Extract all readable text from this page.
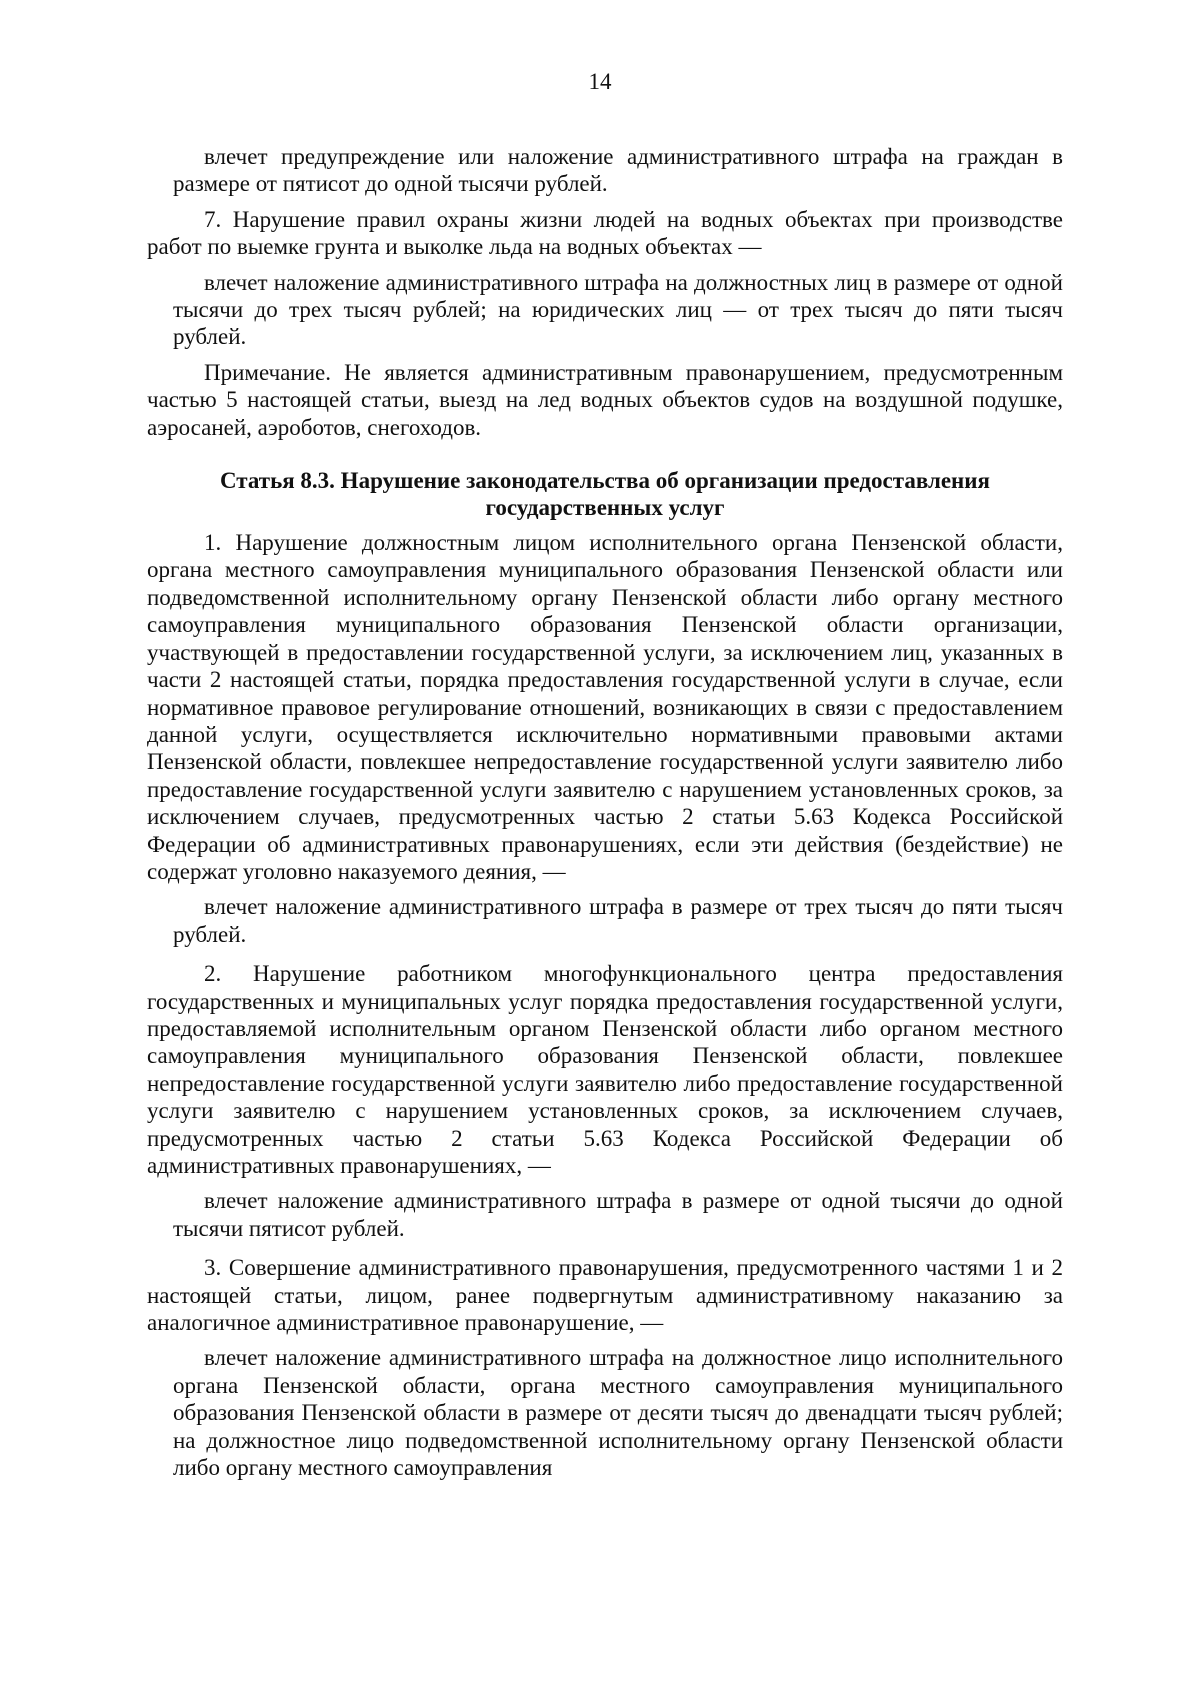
14

влечет предупреждение или наложение административного штрафа на граждан в размере от пятисот до одной тысячи рублей.

7. Нарушение правил охраны жизни людей на водных объектах при производстве работ по выемке грунта и выколке льда на водных объектах —

влечет наложение административного штрафа на должностных лиц в размере от одной тысячи до трех тысяч рублей; на юридических лиц — от трех тысяч до пяти тысяч рублей.

Примечание. Не является административным правонарушением, предусмотренным частью 5 настоящей статьи, выезд на лед водных объектов судов на воздушной подушке, аэросаней, аэроботов, снегоходов.

Статья 8.3. Нарушение законодательства об организации предоставления государственных услуг

1. Нарушение должностным лицом исполнительного органа Пензенской области, органа местного самоуправления муниципального образования Пензенской области или подведомственной исполнительному органу Пензенской области либо органу местного самоуправления муниципального образования Пензенской области организации, участвующей в предоставлении государственной услуги, за исключением лиц, указанных в части 2 настоящей статьи, порядка предоставления государственной услуги в случае, если нормативное правовое регулирование отношений, возникающих в связи с предоставлением данной услуги, осуществляется исключительно нормативными правовыми актами Пензенской области, повлекшее непредоставление государственной услуги заявителю либо предоставление государственной услуги заявителю с нарушением установленных сроков, за исключением случаев, предусмотренных частью 2 статьи 5.63 Кодекса Российской Федерации об административных правонарушениях, если эти действия (бездействие) не содержат уголовно наказуемого деяния, —

влечет наложение административного штрафа в размере от трех тысяч до пяти тысяч рублей.

2. Нарушение работником многофункционального центра предоставления государственных и муниципальных услуг порядка предоставления государственной услуги, предоставляемой исполнительным органом Пензенской области либо органом местного самоуправления муниципального образования Пензенской области, повлекшее непредоставление государственной услуги заявителю либо предоставление государственной услуги заявителю с нарушением установленных сроков, за исключением случаев, предусмотренных частью 2 статьи 5.63 Кодекса Российской Федерации об административных правонарушениях, —

влечет наложение административного штрафа в размере от одной тысячи до одной тысячи пятисот рублей.

3. Совершение административного правонарушения, предусмотренного частями 1 и 2 настоящей статьи, лицом, ранее подвергнутым административному наказанию за аналогичное административное правонарушение, —

влечет наложение административного штрафа на должностное лицо исполнительного органа Пензенской области, органа местного самоуправления муниципального образования Пензенской области в размере от десяти тысяч до двенадцати тысяч рублей; на должностное лицо подведомственной исполнительному органу Пензенской области либо органу местного самоуправления
